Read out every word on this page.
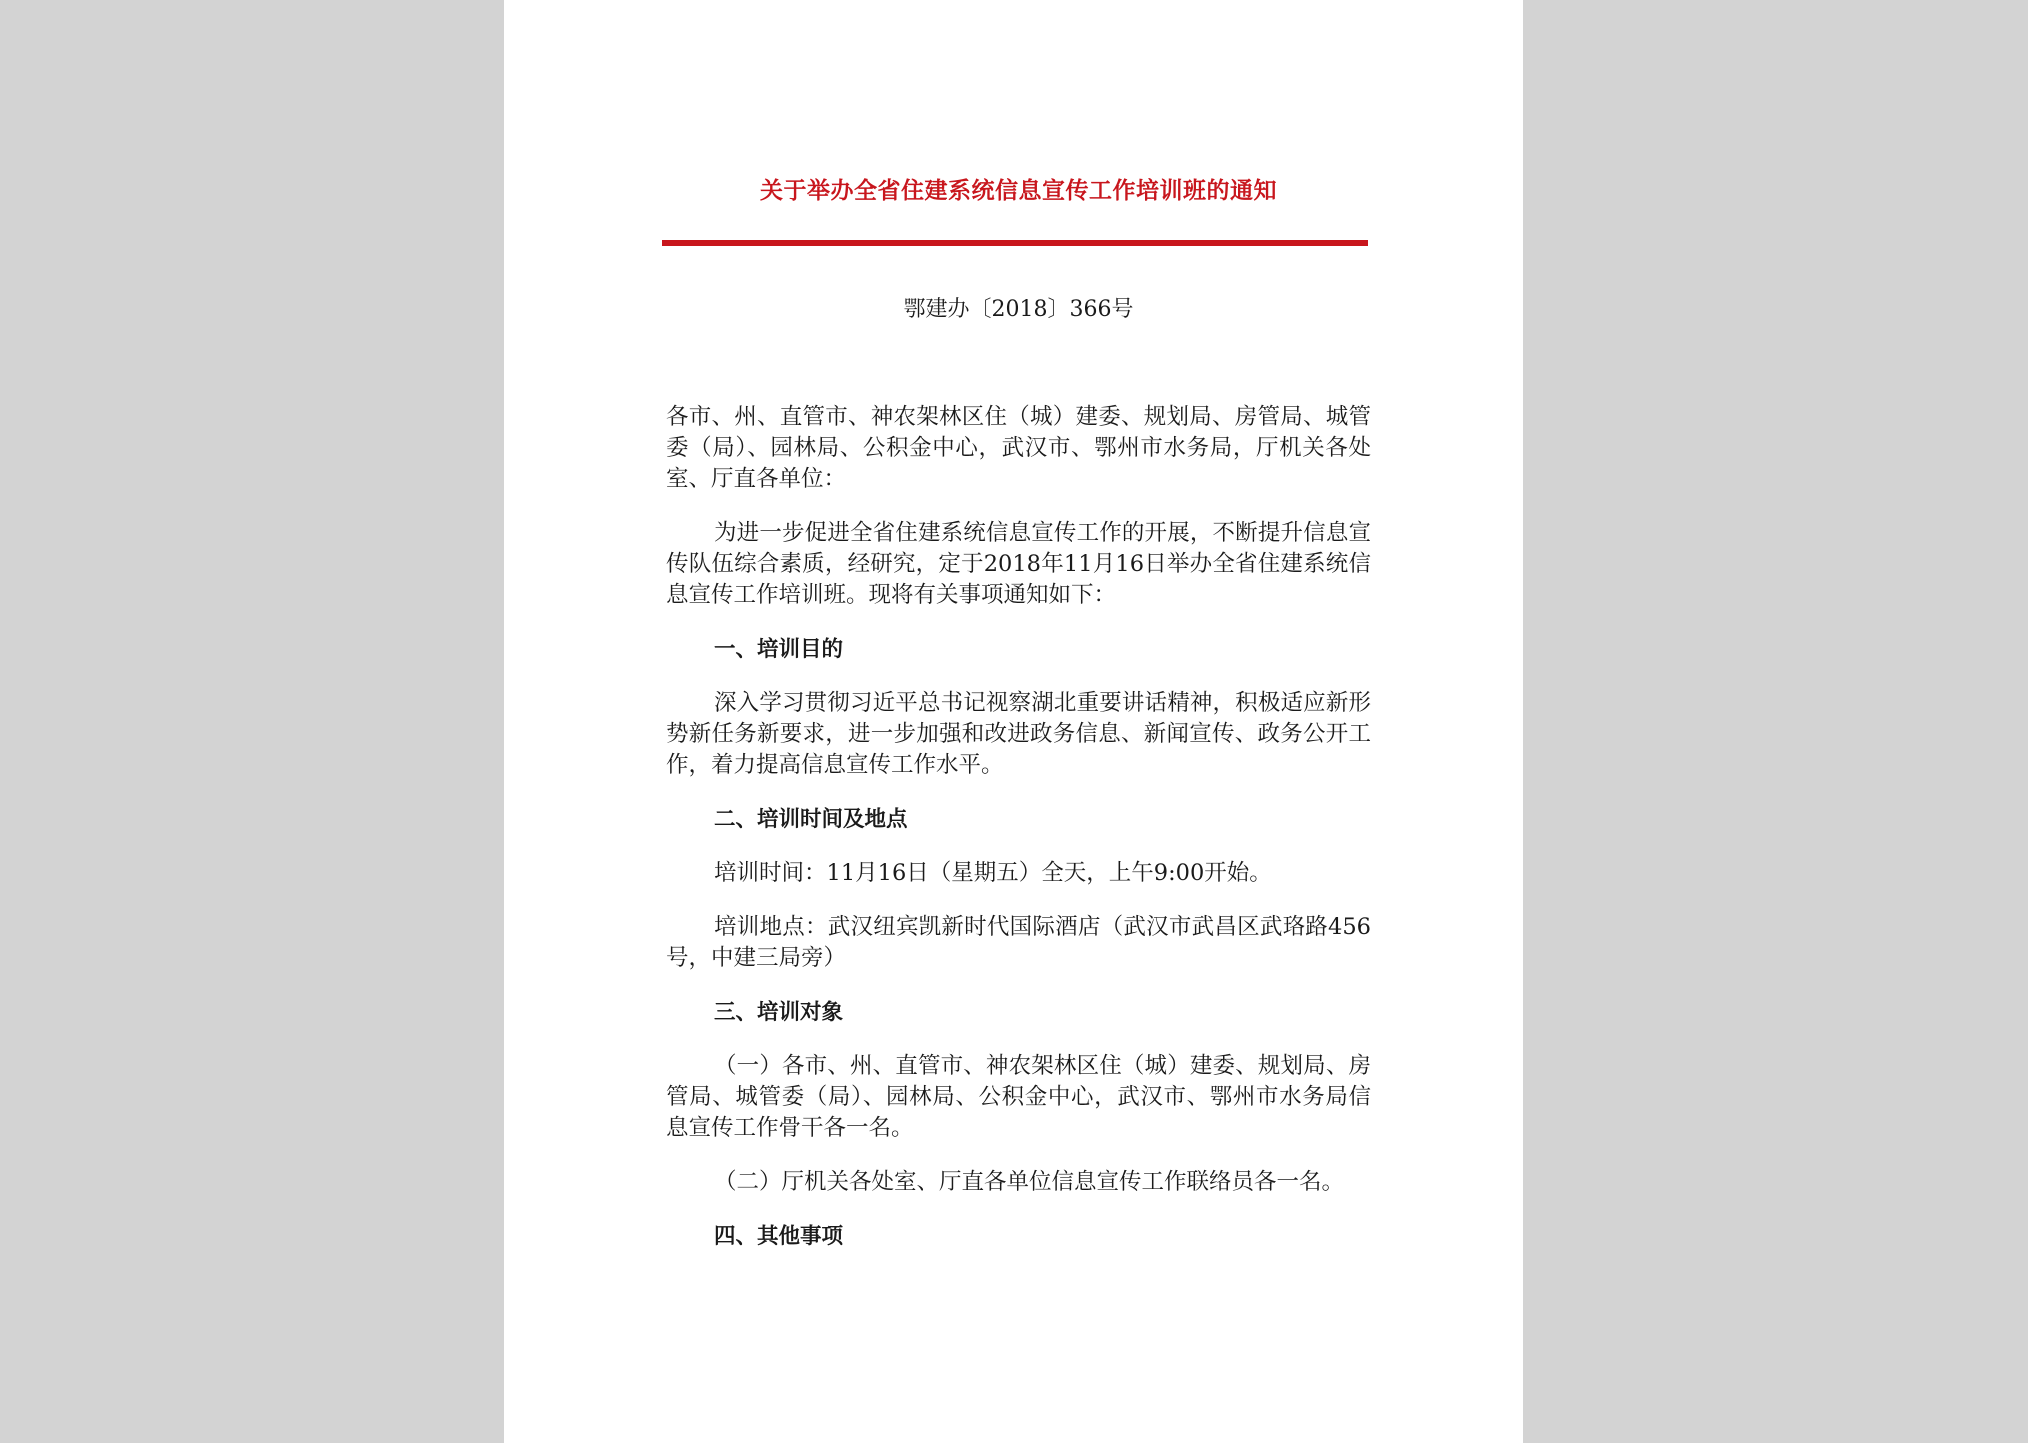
关于举办全省住建系统信息宣传工作培训班的通知
鄂建办〔2018〕366号

各市、州、直管市、神农架林区住（城）建委、规划局、房管局、城管委（局）、园林局、公积金中心，武汉市、鄂州市水务局，厅机关各处室、厅直各单位：

为进一步促进全省住建系统信息宣传工作的开展，不断提升信息宣传队伍综合素质，经研究，定于2018年11月16日举办全省住建系统信息宣传工作培训班。现将有关事项通知如下：

一、培训目的

深入学习贯彻习近平总书记视察湖北重要讲话精神，积极适应新形势新任务新要求，进一步加强和改进政务信息、新闻宣传、政务公开工作，着力提高信息宣传工作水平。

二、培训时间及地点

培训时间：11月16日（星期五）全天，上午9:00开始。

培训地点：武汉纽宾凯新时代国际酒店（武汉市武昌区武珞路456号，中建三局旁）

三、培训对象

（一）各市、州、直管市、神农架林区住（城）建委、规划局、房管局、城管委（局）、园林局、公积金中心，武汉市、鄂州市水务局信息宣传工作骨干各一名。

（二）厅机关各处室、厅直各单位信息宣传工作联络员各一名。

四、其他事项
